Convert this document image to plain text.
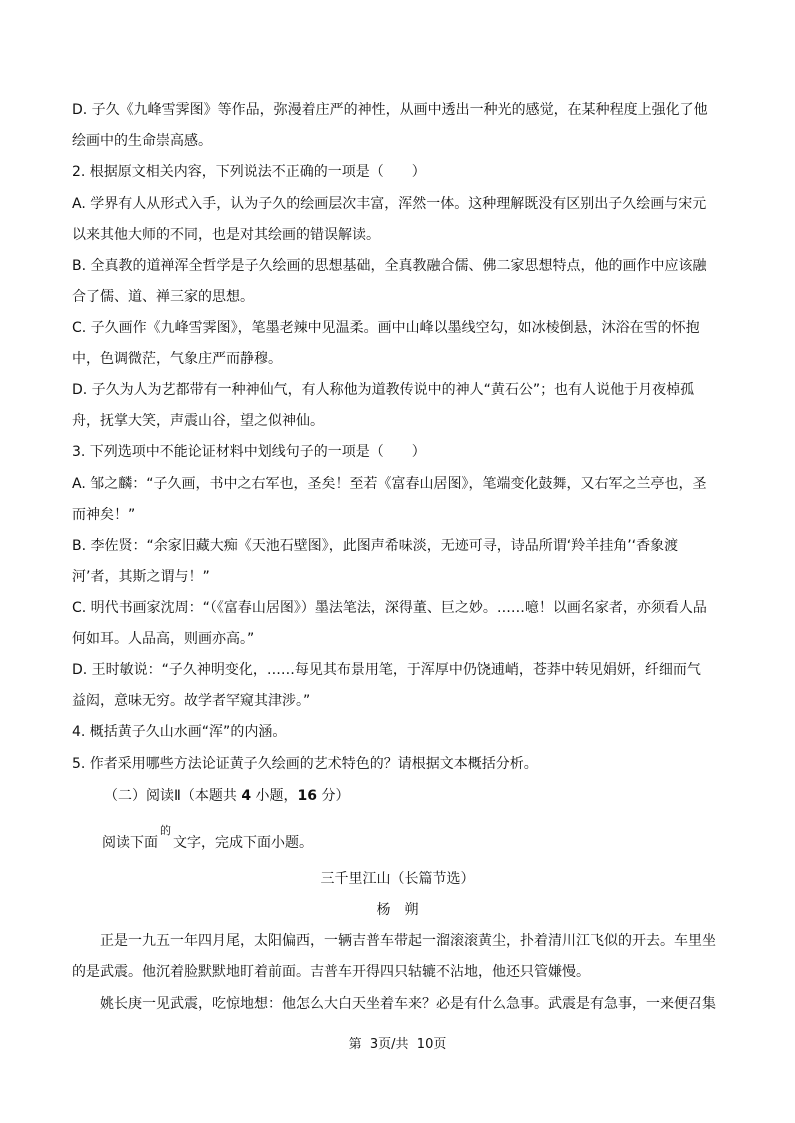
D. 子久《九峰雪霁图》等作品，弥漫着庄严的神性，从画中透出一种光的感觉，在某种程度上强化了他
绘画中的生命崇高感。
2. 根据原文相关内容，下列说法不正确的一项是（　　）
A. 学界有人从形式入手，认为子久的绘画层次丰富，浑然一体。这种理解既没有区别出子久绘画与宋元
以来其他大师的不同，也是对其绘画的错误解读。
B. 全真教的道禅浑全哲学是子久绘画的思想基础，全真教融合儒、佛二家思想特点，他的画作中应该融
合了儒、道、禅三家的思想。
C. 子久画作《九峰雪霁图》，笔墨老辣中见温柔。画中山峰以墨线空勾，如冰棱倒悬，沐浴在雪的怀抱
中，色调微茫，气象庄严而静穆。
D. 子久为人为艺都带有一种神仙气，有人称他为道教传说中的神人“黄石公”；也有人说他于月夜棹孤
舟，抚掌大笑，声震山谷，望之似神仙。
3. 下列选项中不能论证材料中划线句子的一项是（　　）
A. 邹之麟：“子久画，书中之右军也，圣矣！至若《富春山居图》，笔端变化鼓舞，又右军之兰亭也，圣
而神矣！”
B. 李佐贤：“余家旧藏大痴《天池石壁图》，此图声希味淡，无迹可寻，诗品所谓‘羚羊挂角’‘香象渡
河’者，其斯之谓与！”
C. 明代书画家沈周：“（《富春山居图》）墨法笔法，深得董、巨之妙。……噫！以画名家者，亦须看人品
何如耳。人品高，则画亦高。”
D. 王时敏说：“子久神明变化，……每见其布景用笔，于浑厚中仍饶逋峭，苍莽中转见娟妍，纤细而气
益闳，意味无穷。故学者罕窥其津涉。”
4. 概括黄子久山水画“浑”的内涵。
5. 作者采用哪些方法论证黄子久绘画的艺术特色的？请根据文本概括分析。
（二）阅读Ⅱ（本题共 4 小题，16 分）
阅读下面$^的$文字，完成下面小题。
三千里江山（长篇节选）
杨　朔
　　正是一九五一年四月尾，太阳偏西，一辆吉普车带起一溜滚滚黄尘，扑着清川江飞似的开去。车里坐
的是武震。他沉着脸默默地盯着前面。吉普车开得四只轱辘不沾地，他还只管嫌慢。
　　姚长庚一见武震，吃惊地想：他怎么大白天坐着车来？必是有什么急事。武震是有急事，一来便召集
第  3页/共  10页
